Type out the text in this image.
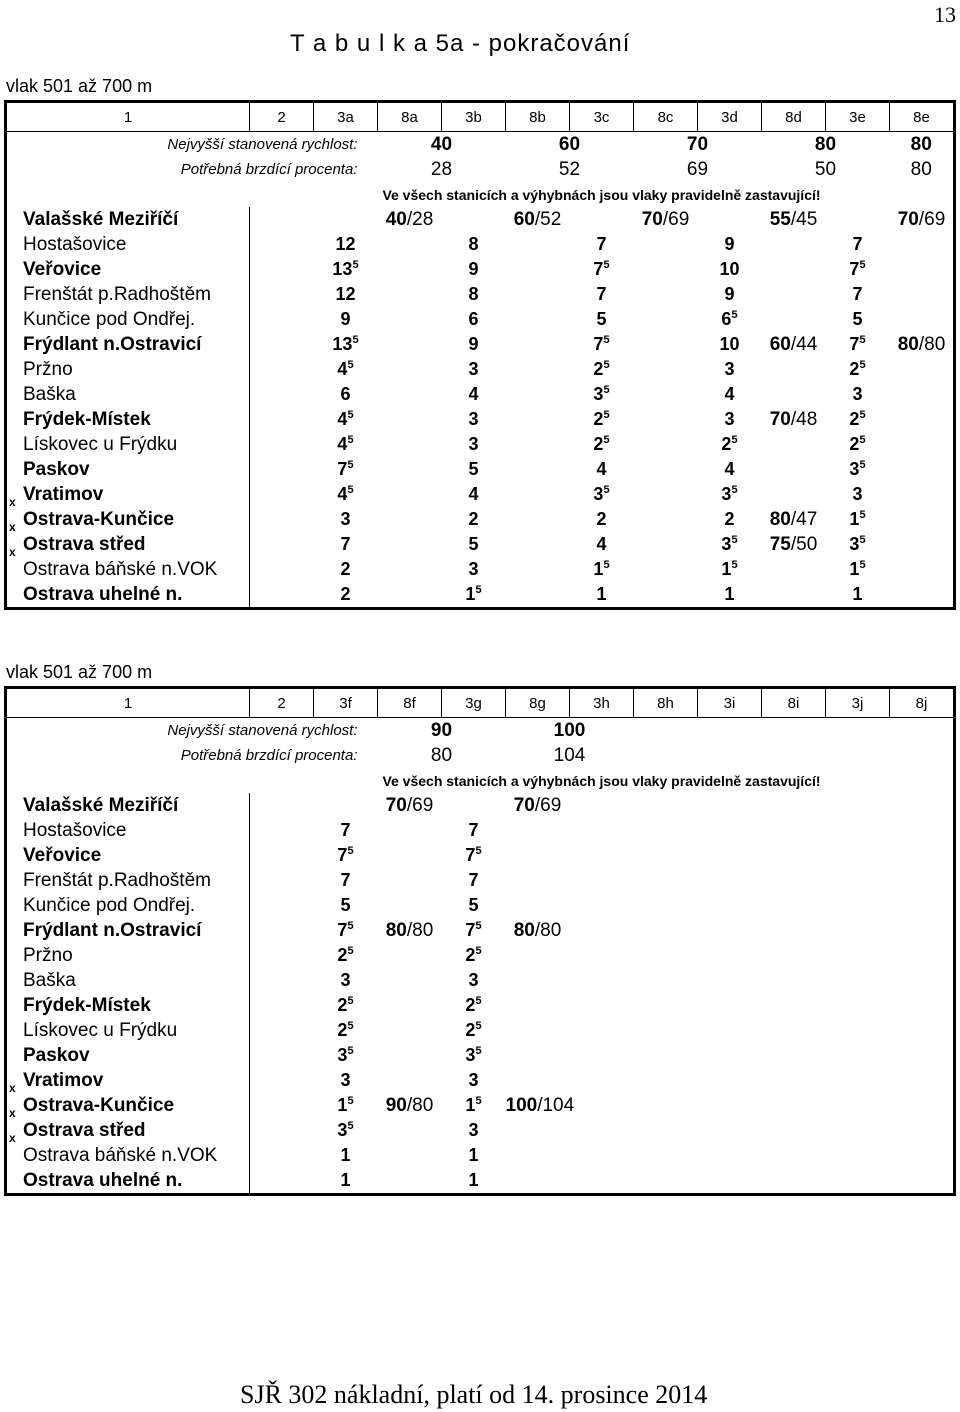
13
T a b u l k a 5a - pokračování
vlak 501 až 700 m
1	2	3a	8a	3b	8b	3c	8c	3d	8d	3e	8e
Nejvyšší stanovená rychlost:			40		60		70		80		80
Potřebná brzdící procenta:			28		52		69		50		80
	Ve všech stanicích a výhybnách jsou vlaky pravidelně zastavující!										
Valašské Meziříčí			40/28		60/52		70/69		55/45		70/69
Hostašovice		12		8		7		9		7	
Veřovice		$13^5$		9		$7^5$		10		$7^5$	
Frenštát p.Radhoštěm		12		8		7		9		7	
Kunčice pod Ondřej.		9		6		5		$6^5$		5	
Frýdlant n.Ostravicí		$13^5$		9		$7^5$		10	60/44	$7^5$	80/80
Pržno		$4^5$		3		$2^5$		3		$2^5$	
Baška		6		4		$3^5$		4		3	
Frýdek-Místek		$4^5$		3		$2^5$		3	70/48	$2^5$	
Lískovec u Frýdku		$4^5$		3		$2^5$		$2^5$		$2^5$	
Paskov		$7^5$		5		4		4		$3^5$	

x Vratimov		$4^5$		4		$3^5$		$3^5$		3	

x Ostrava-Kunčice		3		2		2		2	80/47	$1^5$	

x Ostrava střed		7		5		4		$3^5$	75/50	$3^5$	
Ostrava báňské n.VOK		2		3		$1^5$		$1^5$		$1^5$	
Ostrava uhelné n.		2		$1^5$		1		1		1	
vlak 501 až 700 m
1	2	3f	8f	3g	8g	3h	8h	3i	8i	3j	8j
Nejvyšší stanovená rychlost:			90		100						
Potřebná brzdící procenta:			80		104						
	Ve všech stanicích a výhybnách jsou vlaky pravidelně zastavující!										
Valašské Meziříčí			70/69		70/69						
Hostašovice		7		7							
Veřovice		$7^5$		$7^5$							
Frenštát p.Radhoštěm		7		7							
Kunčice pod Ondřej.		5		5							
Frýdlant n.Ostravicí		$7^5$	80/80	$7^5$	80/80						
Pržno		$2^5$		$2^5$							
Baška		3		3							
Frýdek-Místek		$2^5$		$2^5$							
Lískovec u Frýdku		$2^5$		$2^5$							
Paskov		$3^5$		$3^5$							

x Vratimov		3		3							

x Ostrava-Kunčice		$1^5$	90/80	$1^5$	100/104						

x Ostrava střed		$3^5$		3							
Ostrava báňské n.VOK		1		1							
Ostrava uhelné n.		1		1							
SJŘ 302 nákladní, platí od 14. prosince 2014
